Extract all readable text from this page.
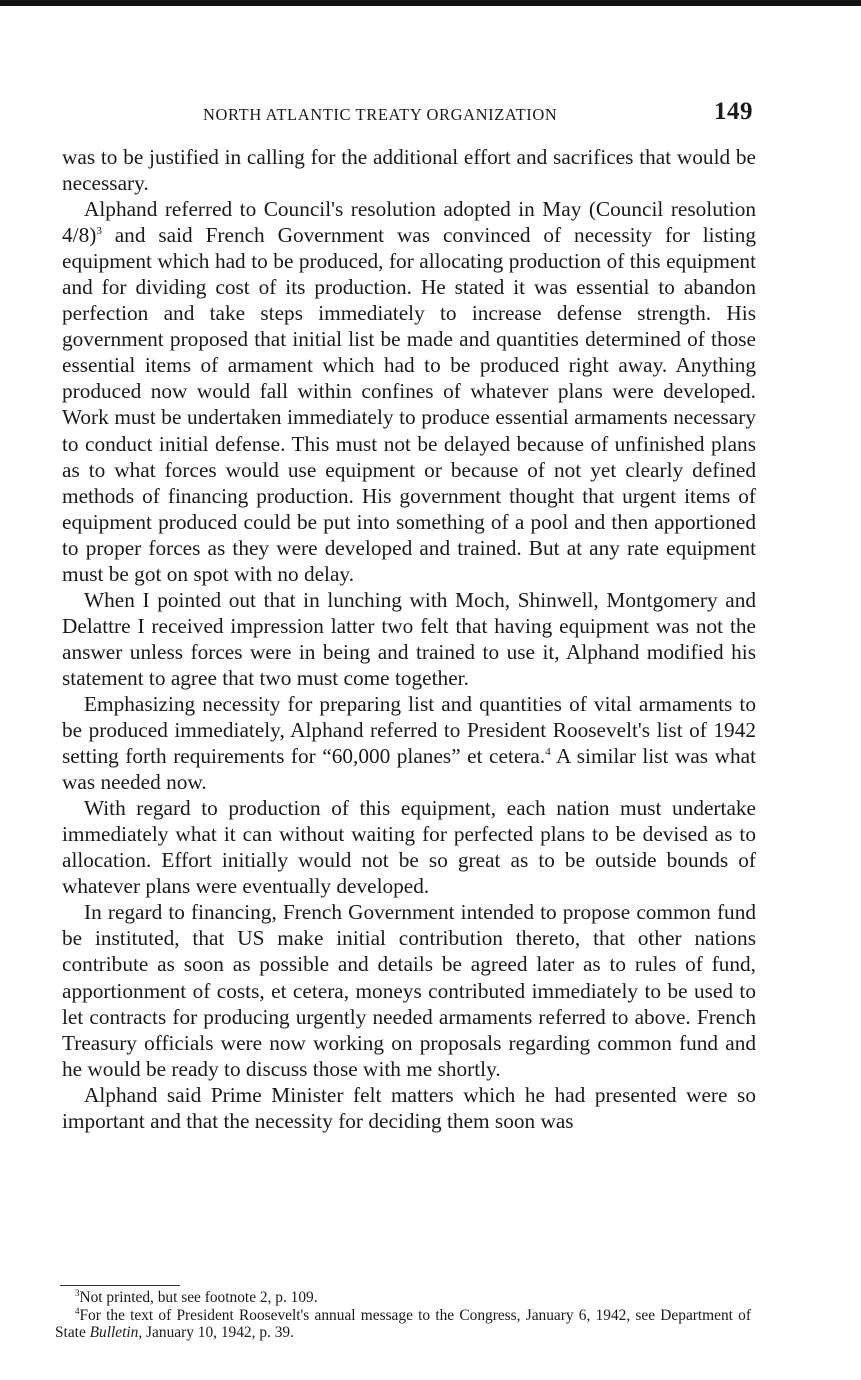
NORTH ATLANTIC TREATY ORGANIZATION	149

was to be justified in calling for the additional effort and sacrifices that would be necessary.

Alphand referred to Council's resolution adopted in May (Council resolution 4/8)$^3$ and said French Government was convinced of necessity for listing equipment which had to be produced, for allocating production of this equipment and for dividing cost of its production. He stated it was essential to abandon perfection and take steps immediately to increase defense strength. His government proposed that initial list be made and quantities determined of those essential items of armament which had to be produced right away. Anything produced now would fall within confines of whatever plans were developed. Work must be undertaken immediately to produce essential armaments necessary to conduct initial defense. This must not be delayed because of unfinished plans as to what forces would use equipment or because of not yet clearly defined methods of financing production. His government thought that urgent items of equipment produced could be put into something of a pool and then apportioned to proper forces as they were developed and trained. But at any rate equipment must be got on spot with no delay.

When I pointed out that in lunching with Moch, Shinwell, Montgomery and Delattre I received impression latter two felt that having equipment was not the answer unless forces were in being and trained to use it, Alphand modified his statement to agree that two must come together.

Emphasizing necessity for preparing list and quantities of vital armaments to be produced immediately, Alphand referred to President Roosevelt's list of 1942 setting forth requirements for “60,000 planes” et cetera.$^4$ A similar list was what was needed now.

With regard to production of this equipment, each nation must undertake immediately what it can without waiting for perfected plans to be devised as to allocation. Effort initially would not be so great as to be outside bounds of whatever plans were eventually developed.

In regard to financing, French Government intended to propose common fund be instituted, that US make initial contribution thereto, that other nations contribute as soon as possible and details be agreed later as to rules of fund, apportionment of costs, et cetera, moneys contributed immediately to be used to let contracts for producing urgently needed armaments referred to above. French Treasury officials were now working on proposals regarding common fund and he would be ready to discuss those with me shortly.

Alphand said Prime Minister felt matters which he had presented were so important and that the necessity for deciding them soon was

$^3$Not printed, but see footnote 2, p. 109.

$^4$For the text of President Roosevelt's annual message to the Congress, January 6, 1942, see Department of State Bulletin, January 10, 1942, p. 39.
